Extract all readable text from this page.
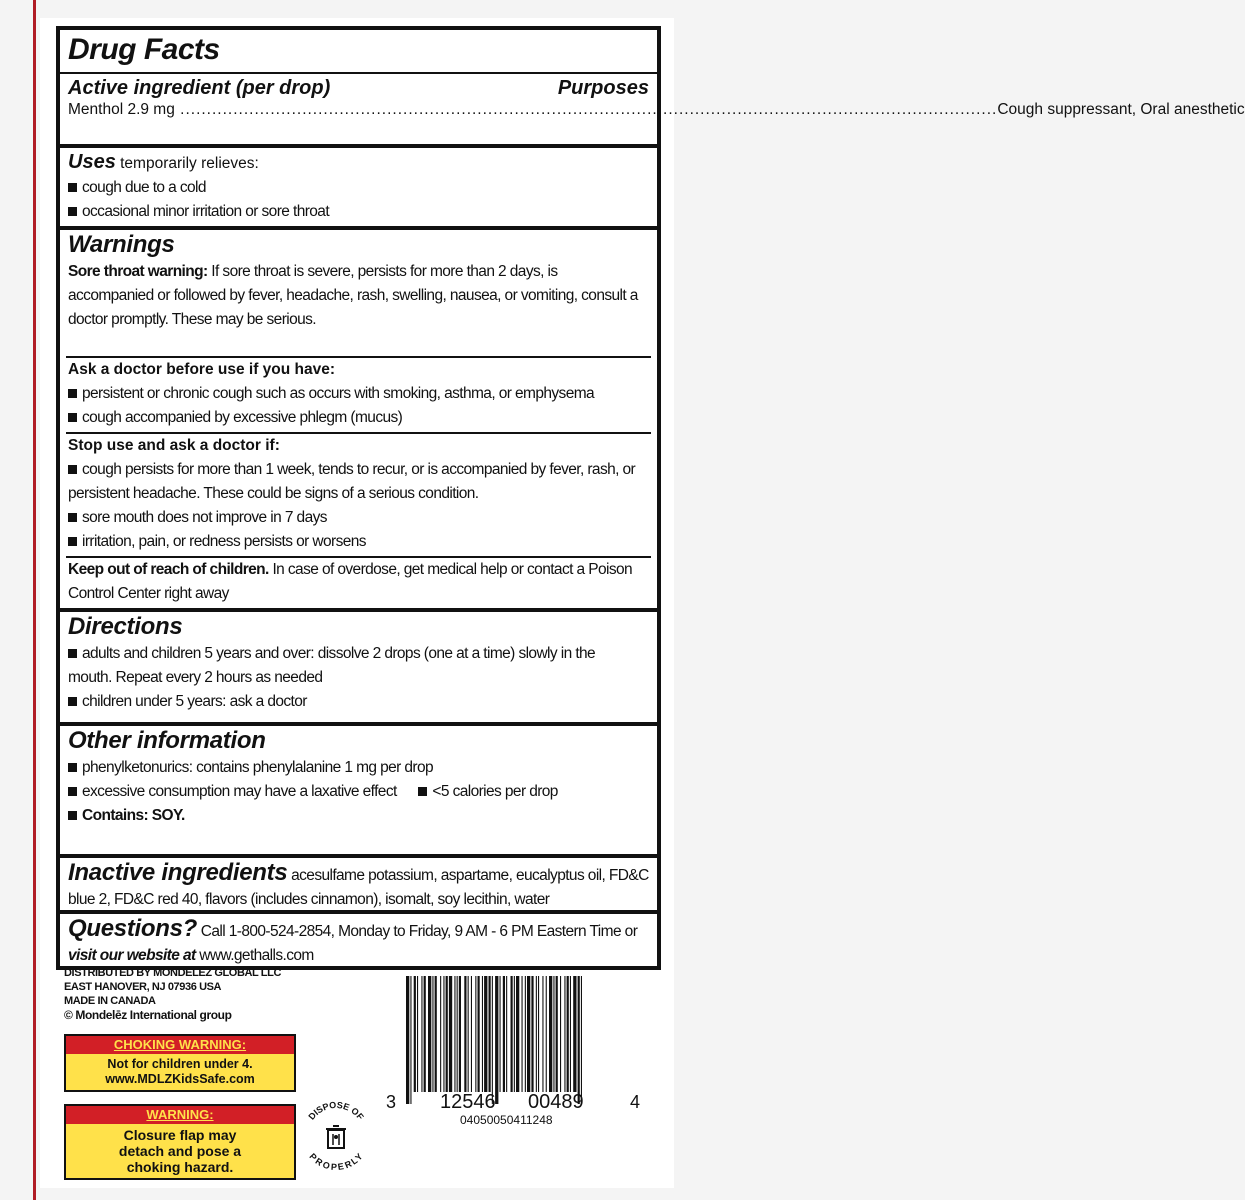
Drug Facts
Active ingredient (per drop)	Purposes
Menthol 2.9 mg .......................................................................................................................................................... Cough suppressant, Oral anesthetic
Uses temporarily relieves:
cough due to a cold
occasional minor irritation or sore throat
Warnings
Sore throat warning: If sore throat is severe, persists for more than 2 days, is
accompanied or followed by fever, headache, rash, swelling, nausea, or vomiting, consult a
doctor promptly. These may be serious.
Ask a doctor before use if you have:
persistent or chronic cough such as occurs with smoking, asthma, or emphysema
cough accompanied by excessive phlegm (mucus)
Stop use and ask a doctor if:
cough persists for more than 1 week, tends to recur, or is accompanied by fever, rash, or
persistent headache. These could be signs of a serious condition.
sore mouth does not improve in 7 days
irritation, pain, or redness persists or worsens
Keep out of reach of children. In case of overdose, get medical help or contact a Poison
Control Center right away
Directions
adults and children 5 years and over: dissolve 2 drops (one at a time) slowly in the
mouth. Repeat every 2 hours as needed
children under 5 years: ask a doctor
Other information
phenylketonurics: contains phenylalanine 1 mg per drop
excessive consumption may have a laxative effect <5 calories per drop
Contains: SOY.
Inactive ingredients acesulfame potassium, aspartame, eucalyptus oil, FD&C
blue 2, FD&C red 40, flavors (includes cinnamon), isomalt, soy lecithin, water
Questions? Call 1-800-524-2854, Monday to Friday, 9 AM - 6 PM Eastern Time or
visit our website at www.gethalls.com
DISTRIBUTED BY MONDELEZ GLOBAL LLC
EAST HANOVER, NJ 07936 USA
MADE IN CANADA
© Mondelēz International group
CHOKING WARNING:
Not for children under 4.
www.MDLZKidsSafe.com
WARNING:
Closure flap may
detach and pose a
choking hazard.
DISPOSE OF
PROPERLY
3 12546 00489	4
04050050411248
